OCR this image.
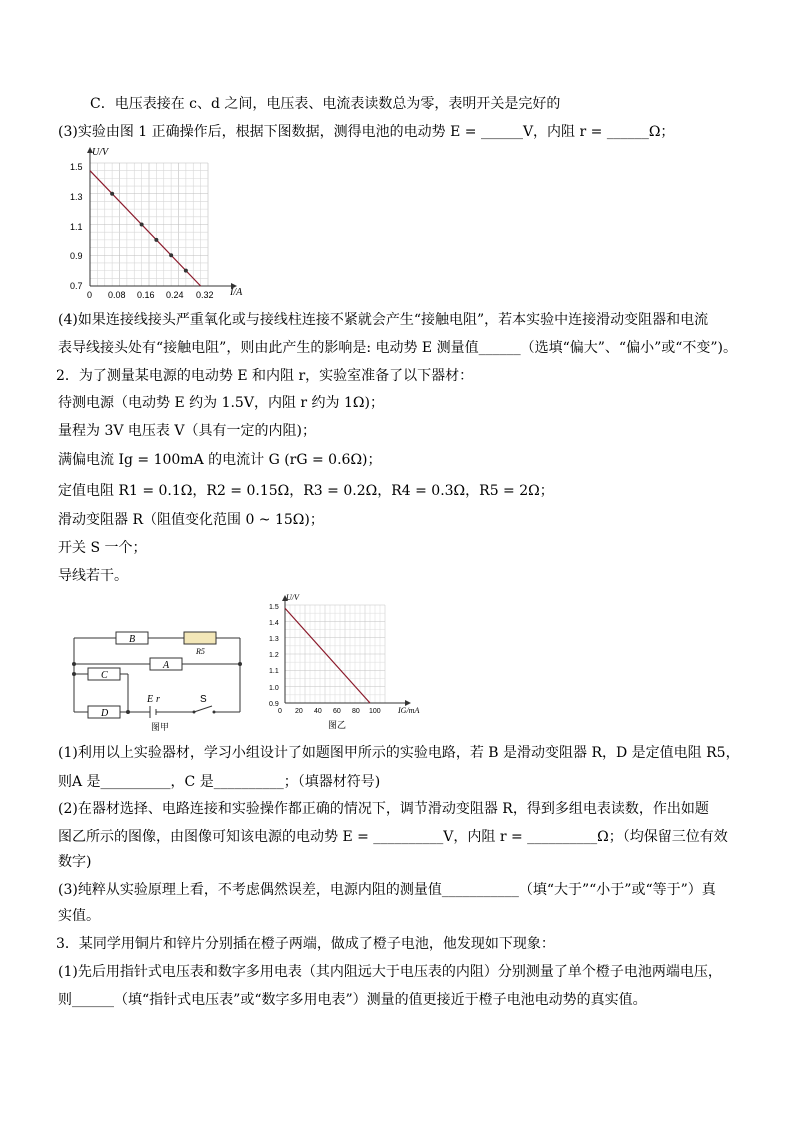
　C．电压表接在 c、d 之间，电压表、电流表读数总为零，表明开关是完好的
(3)实验由图 1 正确操作后，根据下图数据，测得电池的电动势 E = ______V，内阻 r = ______Ω；
U/V
I/A
0.7
0.9
1.1
1.3
1.5
0 0.08 0.16 0.24 0.32
(4)如果连接线接头严重氧化或与接线柱连接不紧就会产生“接触电阻”，若本实验中连接滑动变阻器和电流
表导线接头处有“接触电阻”，则由此产生的影响是: 电动势 E 测量值______（选填“偏大”、“偏小”或“不变”)。
2．为了测量某电源的电动势 E 和内阻 r，实验室准备了以下器材：
待测电源（电动势 E 约为 1.5V，内阻 r 约为 1Ω)；
量程为 3V 电压表 V（具有一定的内阻)；
满偏电流 Ig = 100mA 的电流计 G (rG = 0.6Ω)；
定值电阻 R1 = 0.1Ω，R2 = 0.15Ω，R3 = 0.2Ω，R4 = 0.3Ω，R5 = 2Ω；
滑动变阻器 R（阻值变化范围 0 ~ 15Ω)；
开关 S 一个；
导线若干。
B
R5
A
C
D
E r	S
图甲
U/V
IG/mA
0
0.9
1.0
1.1
1.2
1.3
1.4
1.5
20 40 60 80 100
图乙
(1)利用以上实验器材，学习小组设计了如题图甲所示的实验电路，若 B 是滑动变阻器 R，D 是定值电阻 R5，
则A 是__________，C 是__________；（填器材符号)
(2)在器材选择、电路连接和实验操作都正确的情况下，调节滑动变阻器 R，得到多组电表读数，作出如题
图乙所示的图像，由图像可知该电源的电动势 E = __________V，内阻 r = __________Ω；（均保留三位有效
数字)
(3)纯粹从实验原理上看，不考虑偶然误差，电源内阻的测量值___________（填“大于”“小于”或“等于”）真
实值。
3．某同学用铜片和锌片分别插在橙子两端，做成了橙子电池，他发现如下现象：
(1)先后用指针式电压表和数字多用电表（其内阻远大于电压表的内阻）分别测量了单个橙子电池两端电压，
则______（填“指针式电压表”或“数字多用电表”）测量的值更接近于橙子电池电动势的真实值。
